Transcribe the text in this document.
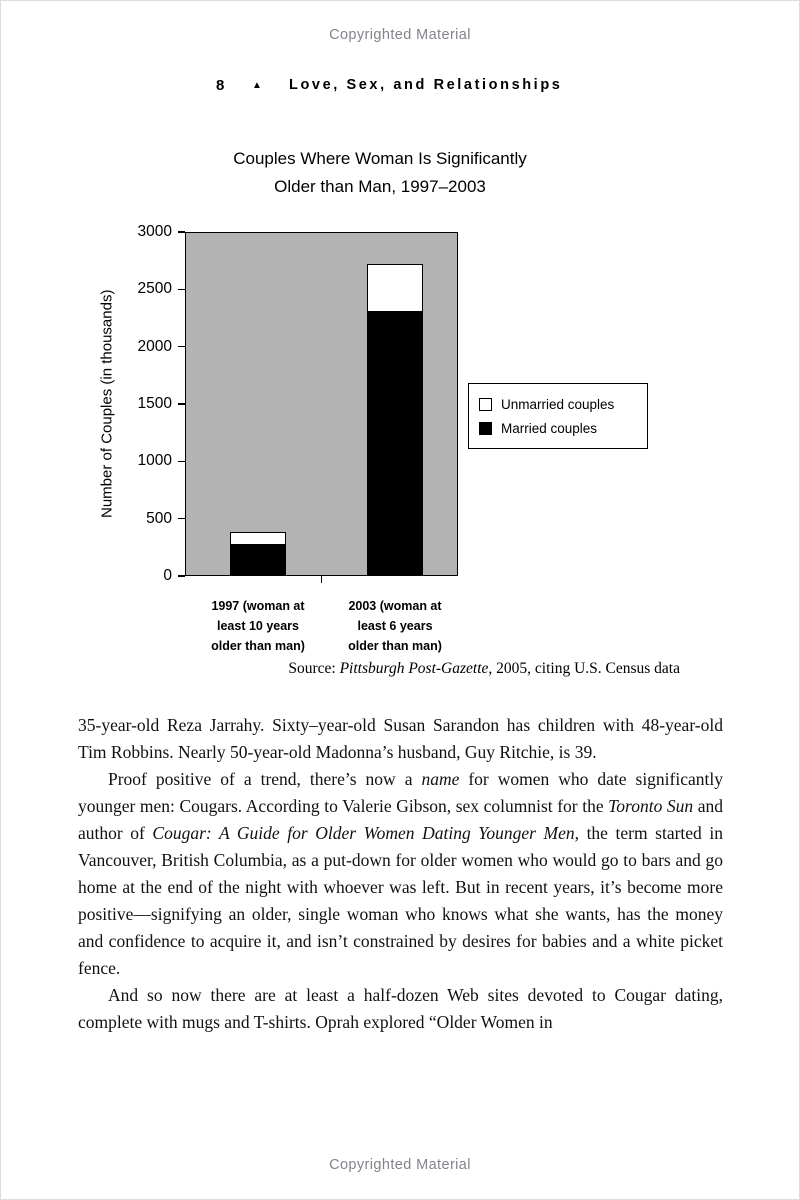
Copyrighted Material
8	▲ Love, Sex, and Relationships
Couples Where Woman Is Significantly
Older than Man, 1997–2003
Number of Couples (in thousands)	Unmarried couples
Married couples
Source: Pittsburgh Post-Gazette, 2005, citing U.S. Census data
3000
2500
2000
1500
1000
500
0
1997 (woman at
least 10 years
older than man)
2003 (woman at
least 6 years
older than man)

35-year-old Reza Jarrahy. Sixty–year-old Susan Sarandon has children with 48-year-old Tim Robbins. Nearly 50-year-old Madonna’s husband, Guy Ritchie, is 39.

Proof positive of a trend, there’s now a name for women who date significantly younger men: Cougars. According to Valerie Gibson, sex columnist for the Toronto Sun and author of Cougar: A Guide for Older Women Dating Younger Men, the term started in Vancouver, British Columbia, as a put-down for older women who would go to bars and go home at the end of the night with whoever was left. But in recent years, it’s become more positive—signifying an older, single woman who knows what she wants, has the money and confidence to acquire it, and isn’t constrained by desires for babies and a white picket fence.

And so now there are at least a half-dozen Web sites devoted to Cougar dating, complete with mugs and T-shirts. Oprah explored “Older Women in

Copyrighted Material
